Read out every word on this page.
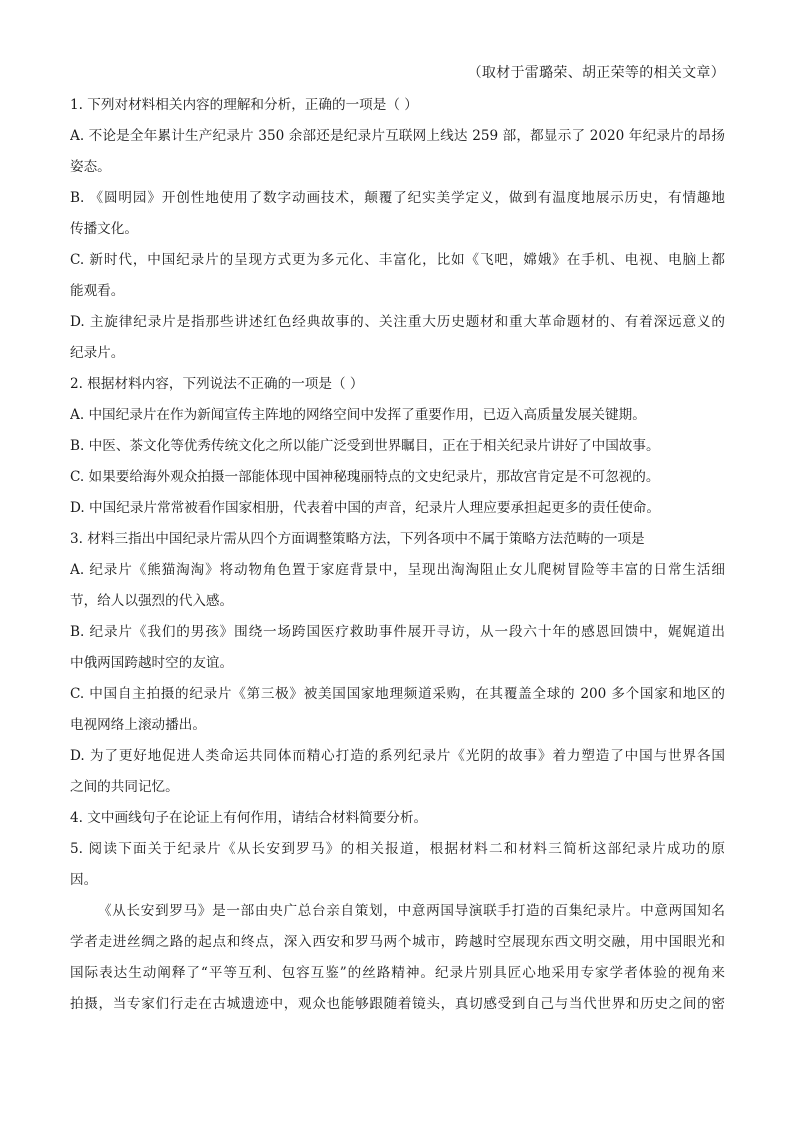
（取材于雷璐荣、胡正荣等的相关文章）
1. 下列对材料相关内容的理解和分析，正确的一项是（ ）
A. 不论是全年累计生产纪录片 350 余部还是纪录片互联网上线达 259 部，都显示了 2020 年纪录片的昂扬
姿态。
B. 《圆明园》开创性地使用了数字动画技术，颠覆了纪实美学定义，做到有温度地展示历史，有情趣地
传播文化。
C. 新时代，中国纪录片的呈现方式更为多元化、丰富化，比如《飞吧，嫦娥》在手机、电视、电脑上都
能观看。
D. 主旋律纪录片是指那些讲述红色经典故事的、关注重大历史题材和重大革命题材的、有着深远意义的
纪录片。
2. 根据材料内容，下列说法不正确的一项是（ ）
A. 中国纪录片在作为新闻宣传主阵地的网络空间中发挥了重要作用，已迈入高质量发展关键期。
B. 中医、茶文化等优秀传统文化之所以能广泛受到世界瞩目，正在于相关纪录片讲好了中国故事。
C. 如果要给海外观众拍摄一部能体现中国神秘瑰丽特点的文史纪录片，那故宫肯定是不可忽视的。
D. 中国纪录片常常被看作国家相册，代表着中国的声音，纪录片人理应要承担起更多的责任使命。
3. 材料三指出中国纪录片需从四个方面调整策略方法，下列各项中不属于策略方法范畴的一项是
A. 纪录片《熊猫淘淘》将动物角色置于家庭背景中，呈现出淘淘阻止女儿爬树冒险等丰富的日常生活细
节，给人以强烈的代入感。
B. 纪录片《我们的男孩》围绕一场跨国医疗救助事件展开寻访，从一段六十年的感恩回馈中，娓娓道出
中俄两国跨越时空的友谊。
C. 中国自主拍摄的纪录片《第三极》被美国国家地理频道采购，在其覆盖全球的 200 多个国家和地区的
电视网络上滚动播出。
D. 为了更好地促进人类命运共同体而精心打造的系列纪录片《光阴的故事》着力塑造了中国与世界各国
之间的共同记忆。
4. 文中画线句子在论证上有何作用，请结合材料简要分析。
5. 阅读下面关于纪录片《从长安到罗马》的相关报道，根据材料二和材料三简析这部纪录片成功的原
因。
《从长安到罗马》是一部由央广总台亲自策划，中意两国导演联手打造的百集纪录片。中意两国知名
学者走进丝绸之路的起点和终点，深入西安和罗马两个城市，跨越时空展现东西文明交融，用中国眼光和
国际表达生动阐释了“平等互利、包容互鉴”的丝路精神。纪录片别具匠心地采用专家学者体验的视角来
拍摄，当专家们行走在古城遗迹中，观众也能够跟随着镜头，真切感受到自己与当代世界和历史之间的密
